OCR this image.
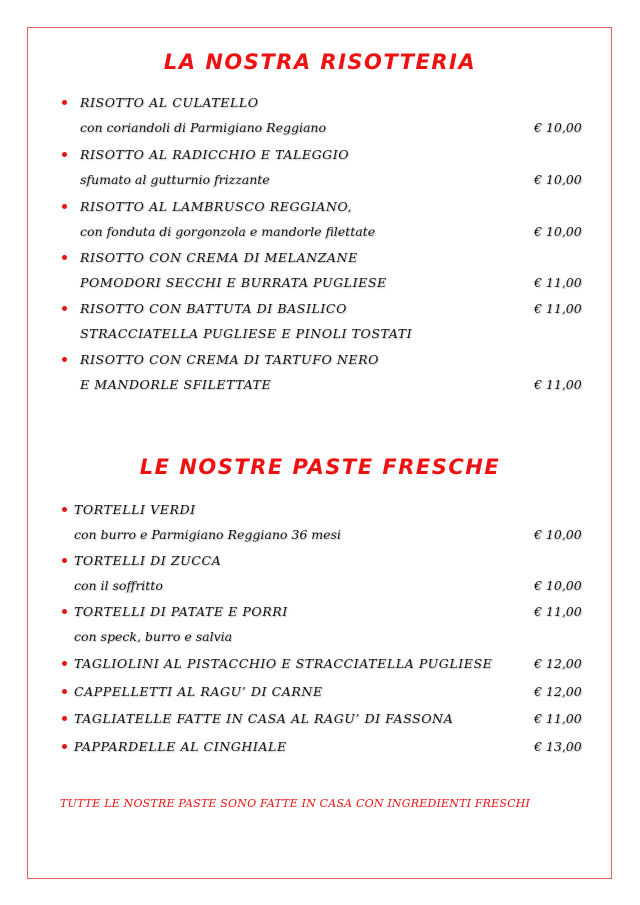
LA NOSTRA RISOTTERIA
RISOTTO AL CULATELLO
con coriandoli di Parmigiano Reggiano	€ 10,00
RISOTTO AL RADICCHIO E TALEGGIO
sfumato al gutturnio frizzante	€ 10,00
RISOTTO AL LAMBRUSCO REGGIANO,
con fonduta di gorgonzola e mandorle filettate	€ 10,00
RISOTTO CON CREMA DI MELANZANE
POMODORI SECCHI E BURRATA PUGLIESE	€ 11,00
RISOTTO CON BATTUTA DI BASILICO	€ 11,00
STRACCIATELLA PUGLIESE E PINOLI TOSTATI
RISOTTO CON CREMA DI TARTUFO NERO
E MANDORLE SFILETTATE	€ 11,00
LE NOSTRE PASTE FRESCHE
TORTELLI VERDI
con burro e Parmigiano Reggiano 36 mesi	€ 10,00
TORTELLI DI ZUCCA
con il soffritto	€ 10,00
TORTELLI DI PATATE E PORRI	€ 11,00
con speck, burro e salvia
TAGLIOLINI AL PISTACCHIO E STRACCIATELLA PUGLIESE	€ 12,00
CAPPELLETTI AL RAGU’ DI CARNE	€ 12,00
TAGLIATELLE FATTE IN CASA AL RAGU’ DI FASSONA	€ 11,00
PAPPARDELLE AL CINGHIALE	€ 13,00
TUTTE LE NOSTRE PASTE SONO FATTE IN CASA CON INGREDIENTI FRESCHI
